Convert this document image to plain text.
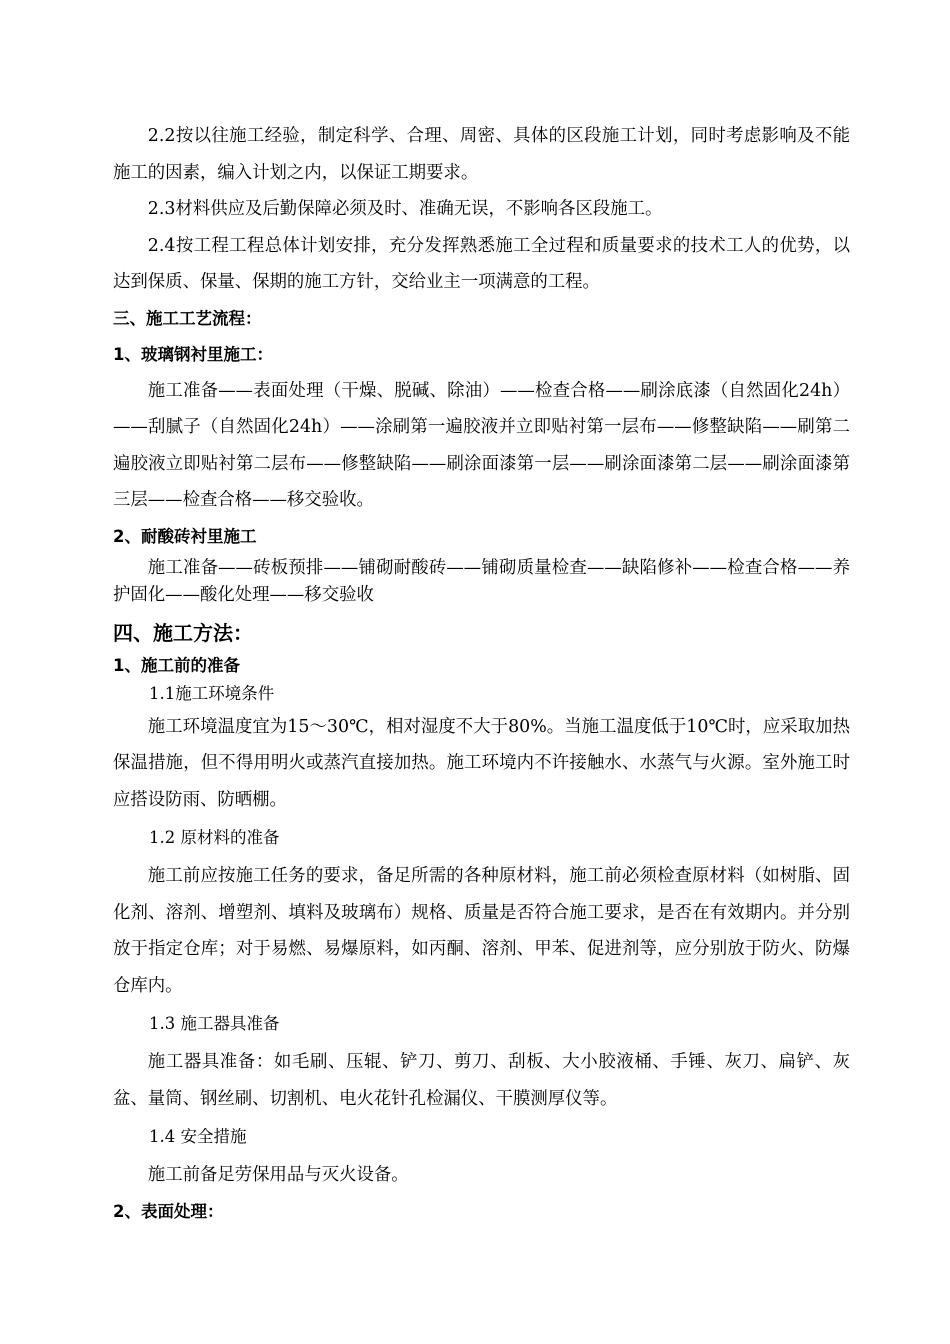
2.2按以往施工经验，制定科学、合理、周密、具体的区段施工计划，同时考虑影响及不能施工的因素，编入计划之内，以保证工期要求。

2.3材料供应及后勤保障必须及时、准确无误，不影响各区段施工。

2.4按工程工程总体计划安排，充分发挥熟悉施工全过程和质量要求的技术工人的优势，以达到保质、保量、保期的施工方针，交给业主一项满意的工程。

三、施工工艺流程：

1、玻璃钢衬里施工：

施工准备——表面处理（干燥、脱碱、除油）——检查合格——刷涂底漆（自然固化24h）——刮腻子（自然固化24h）——涂刷第一遍胶液并立即贴衬第一层布——修整缺陷——刷第二遍胶液立即贴衬第二层布——修整缺陷——刷涂面漆第一层——刷涂面漆第二层——刷涂面漆第三层——检查合格——移交验收。

2、耐酸砖衬里施工

施工准备——砖板预排——铺砌耐酸砖——铺砌质量检查——缺陷修补——检查合格——养护固化——酸化处理——移交验收

四、施工方法：

1、施工前的准备

1.1施工环境条件

施工环境温度宜为15～30℃，相对湿度不大于80%。当施工温度低于10℃时，应采取加热保温措施，但不得用明火或蒸汽直接加热。施工环境内不许接触水、水蒸气与火源。室外施工时应搭设防雨、防晒棚。

1.2 原材料的准备

施工前应按施工任务的要求，备足所需的各种原材料，施工前必须检查原材料（如树脂、固化剂、溶剂、增塑剂、填料及玻璃布）规格、质量是否符合施工要求，是否在有效期内。并分别放于指定仓库；对于易燃、易爆原料，如丙酮、溶剂、甲苯、促进剂等，应分别放于防火、防爆仓库内。

1.3 施工器具准备

施工器具准备：如毛刷、压辊、铲刀、剪刀、刮板、大小胶液桶、手锤、灰刀、扁铲、灰盆、量筒、钢丝刷、切割机、电火花针孔检漏仪、干膜测厚仪等。

1.4 安全措施

施工前备足劳保用品与灭火设备。

2、表面处理：
